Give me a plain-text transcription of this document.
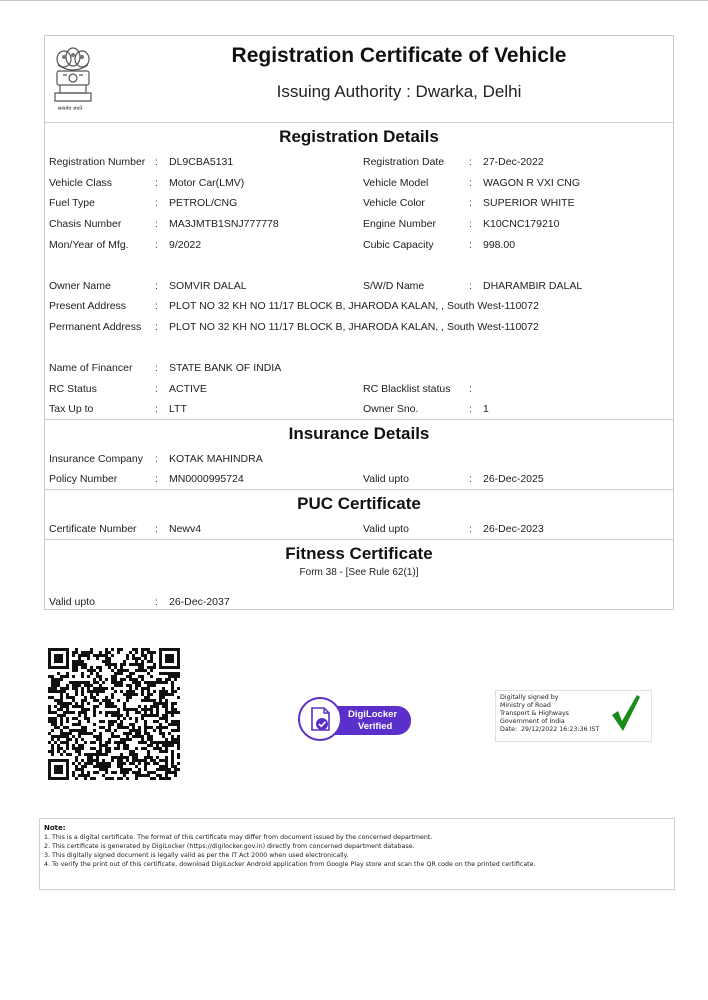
सत्यमेव जयते
Registration Certificate of Vehicle
Issuing Authority : Dwarka, Delhi
Registration Details
Registration Number : DL9CBA5131	Registration Date : 27-Dec-2022
Vehicle Class	: Motor Car(LMV)	Vehicle Model	: WAGON R VXI CNG
Fuel Type	: PETROL/CNG	Vehicle Color	: SUPERIOR WHITE
Chasis Number	: MA3JMTB1SNJ777778	Engine Number	: K10CNC179210
Mon/Year of Mfg.	: 9/2022	Cubic Capacity	: 998.00
Owner Name	: SOMVIR DALAL	S/W/D Name	: DHARAMBIR DALAL
Present Address	: PLOT NO 32 KH NO 11/17 BLOCK B, JHARODA KALAN, , South West-110072
Permanent Address : PLOT NO 32 KH NO 11/17 BLOCK B, JHARODA KALAN, , South West-110072
Name of Financer : STATE BANK OF INDIA
RC Status	: ACTIVE	RC Blacklist status :
Tax Up to	: LTT	Owner Sno.	: 1
Insurance Details
Insurance Company : KOTAK MAHINDRA
Policy Number	: MN0000995724	Valid upto	: 26-Dec-2025
PUC Certificate
Certificate Number : Newv4	Valid upto	: 26-Dec-2023
Fitness Certificate
Form 38 - [See Rule 62(1)]
Valid upto	: 26-Dec-2037
DigiLocker
Verified
Digitally signed by
Ministry of Road
Transport & Highways
Government of India
Date: 29/12/2022 16:23:36 IST
Note:
1. This is a digital certificate. The format of this certificate may differ from document issued by the concerned department.
2. This certificate is generated by DigiLocker (https://digilocker.gov.in) directly from concerned department database.
3. This digitally signed document is legally valid as per the IT Act 2000 when used electronically.
4. To verify the print out of this certificate, download DigiLocker Android application from Google Play store and scan the QR code on the printed certificate.
